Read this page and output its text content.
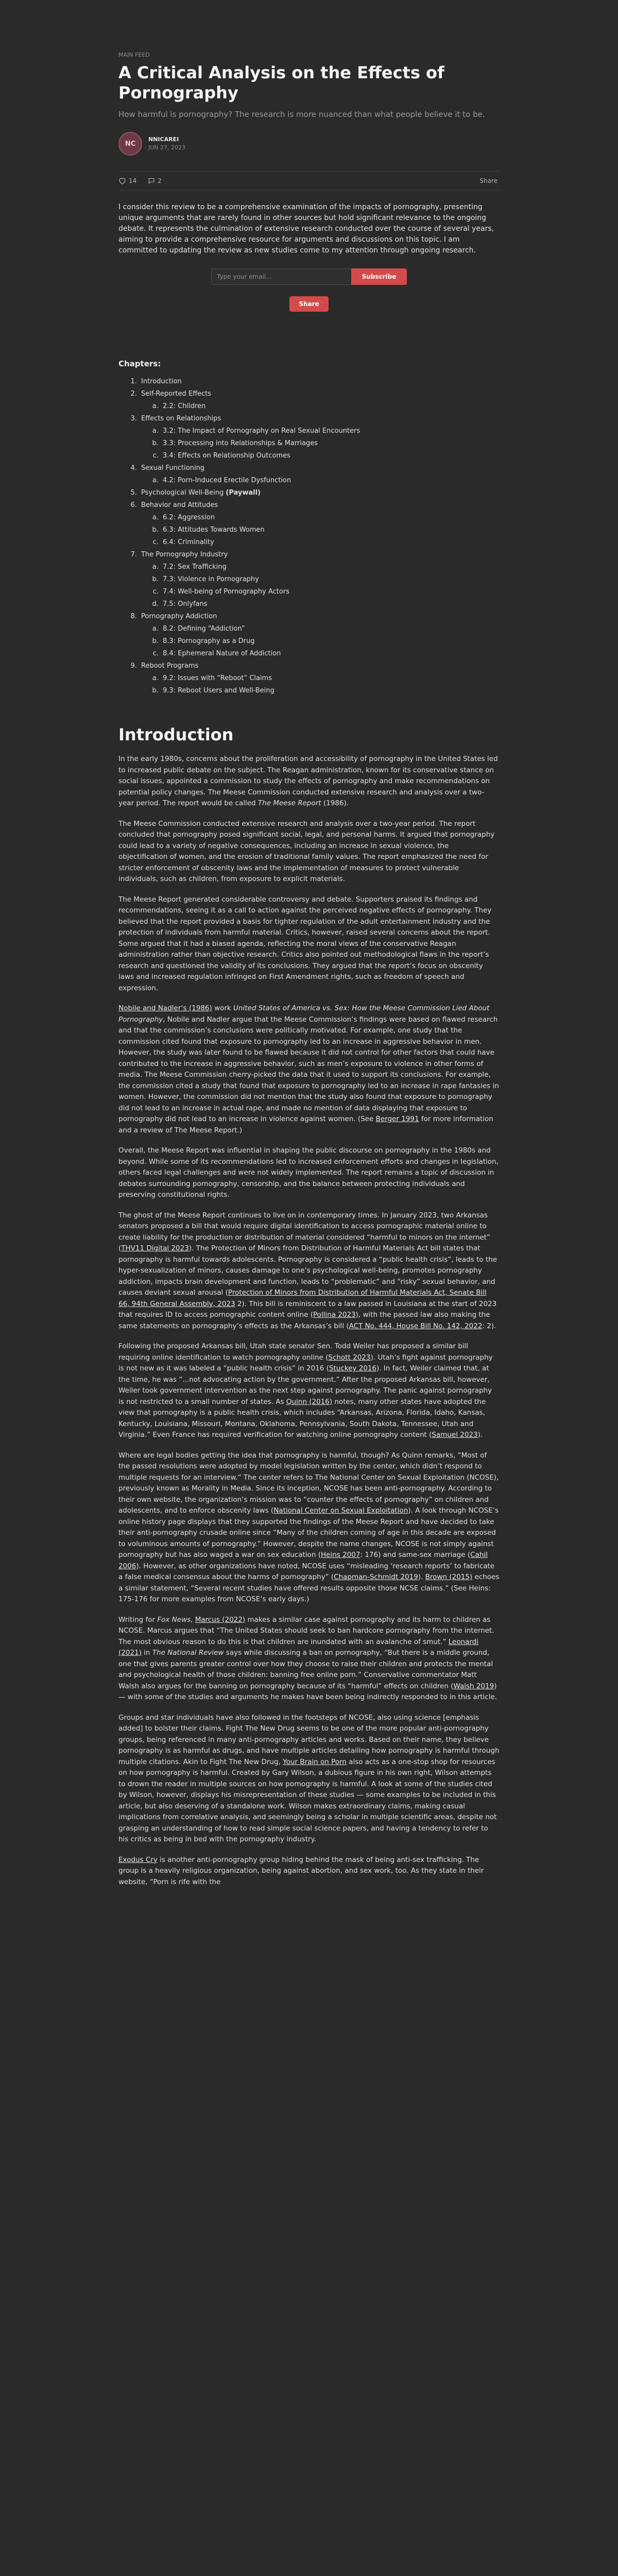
MAIN FEED
A Critical Analysis on the Effects of Pornography

How harmful is pornography? The research is more nuanced than what people believe it to be.

NC
NNICAREI
JUN 27, 2023
14	2	Share
I consider this review to be a comprehensive examination of the impacts of pornography, presenting unique arguments that are rarely found in other sources but hold significant relevance to the ongoing debate. It represents the culmination of extensive research conducted over the course of several years, aiming to provide a comprehensive resource for arguments and discussions on this topic. I am committed to updating the review as new studies come to my attention through ongoing research.
Type your email...
Subscribe
Share
Chapters:
1. Introduction
2. Self-Reported Effects
a. 2.2: Children
3. Effects on Relationships
a. 3.2: The Impact of Pornography on Real Sexual Encounters
b. 3.3: Processing into Relationships & Marriages
c. 3.4: Effects on Relationship Outcomes
4. Sexual Functioning
a. 4.2: Porn-Induced Erectile Dysfunction
5. Psychological Well-Being (Paywall)
6. Behavior and Attitudes
a. 6.2: Aggression
b. 6.3: Attitudes Towards Women
c. 6.4: Criminality
7. The Pornography Industry
a. 7.2: Sex Trafficking
b. 7.3: Violence in Pornography
c. 7.4: Well-being of Pornography Actors
d. 7.5: Onlyfans
8. Pornography Addiction
a. 8.2: Defining “Addiction”
b. 8.3: Pornography as a Drug
c. 8.4: Ephemeral Nature of Addiction
9. Reboot Programs
a. 9.2: Issues with “Reboot” Claims
b. 9.3: Reboot Users and Well-Being
Introduction

In the early 1980s, concerns about the proliferation and accessibility of pornography in the United States led to increased public debate on the subject. The Reagan administration, known for its conservative stance on social issues, appointed a commission to study the effects of pornography and make recommendations on potential policy changes. The Meese Commission conducted extensive research and analysis over a two-year period. The report would be called The Meese Report (1986).

The Meese Commission conducted extensive research and analysis over a two-year period. The report concluded that pornography posed significant social, legal, and personal harms. It argued that pornography could lead to a variety of negative consequences, including an increase in sexual violence, the objectification of women, and the erosion of traditional family values. The report emphasized the need for stricter enforcement of obscenity laws and the implementation of measures to protect vulnerable individuals, such as children, from exposure to explicit materials.

The Meese Report generated considerable controversy and debate. Supporters praised its findings and recommendations, seeing it as a call to action against the perceived negative effects of pornography. They believed that the report provided a basis for tighter regulation of the adult entertainment industry and the protection of individuals from harmful material. Critics, however, raised several concerns about the report. Some argued that it had a biased agenda, reflecting the moral views of the conservative Reagan administration rather than objective research. Critics also pointed out methodological flaws in the report’s research and questioned the validity of its conclusions. They argued that the report’s focus on obscenity laws and increased regulation infringed on First Amendment rights, such as freedom of speech and expression.

Nobile and Nadler’s (1986) work United States of America vs. Sex: How the Meese Commission Lied About Pornography, Nobile and Nadler argue that the Meese Commission’s findings were based on flawed research and that the commission’s conclusions were politically motivated. For example, one study that the commission cited found that exposure to pornography led to an increase in aggressive behavior in men. However, the study was later found to be flawed because it did not control for other factors that could have contributed to the increase in aggressive behavior, such as men’s exposure to violence in other forms of media. The Meese Commission cherry-picked the data that it used to support its conclusions. For example, the commission cited a study that found that exposure to pornography led to an increase in rape fantasies in women. However, the commission did not mention that the study also found that exposure to pornography did not lead to an increase in actual rape, and made no mention of data displaying that exposure to pornography did not lead to an increase in violence against women. (See Berger 1991 for more information and a review of The Meese Report.)

Overall, the Meese Report was influential in shaping the public discourse on pornography in the 1980s and beyond. While some of its recommendations led to increased enforcement efforts and changes in legislation, others faced legal challenges and were not widely implemented. The report remains a topic of discussion in debates surrounding pornography, censorship, and the balance between protecting individuals and preserving constitutional rights.

The ghost of the Meese Report continues to live on in contemporary times. In January 2023, two Arkansas senators proposed a bill that would require digital identification to access pornographic material online to create liability for the production or distribution of material considered “harmful to minors on the internet” (THV11 Digital 2023). The Protection of Minors from Distribution of Harmful Materials Act bill states that pornography is harmful towards adolescents. Pornography is considered a “public health crisis”, leads to the hyper-sexualization of minors, causes damage to one’s psychological well-being, promotes pornography addiction, impacts brain development and function, leads to “problematic” and “risky” sexual behavior, and causes deviant sexual arousal (Protection of Minors from Distribution of Harmful Materials Act, Senate Bill 66, 94th General Assembly, 2023 2). This bill is reminiscent to a law passed in Louisiana at the start of 2023 that requires ID to access pornographic content online (Pollina 2023), with the passed law also making the same statements on pornography’s effects as the Arkansas’s bill (ACT No. 444, House Bill No. 142, 2022: 2).

Following the proposed Arkansas bill, Utah state senator Sen. Todd Weiler has proposed a similar bill requiring online identification to watch pornography online (Schott 2023). Utah’s fight against pornography is not new as it was labeled a “public health crisis” in 2016 (Stuckey 2016). In fact, Weiler claimed that, at the time, he was “...not advocating action by the government.” After the proposed Arkansas bill, however, Weiler took government intervention as the next step against pornography. The panic against pornography is not restricted to a small number of states. As Quinn (2016) notes, many other states have adopted the view that pornography is a public health crisis, which includes “Arkansas, Arizona, Florida, Idaho, Kansas, Kentucky, Louisiana, Missouri, Montana, Oklahoma, Pennsylvania, South Dakota, Tennessee, Utah and Virginia.” Even France has required verification for watching online pornography content (Samuel 2023).

Where are legal bodies getting the idea that pornography is harmful, though? As Quinn remarks, “Most of the passed resolutions were adopted by model legislation written by the center, which didn’t respond to multiple requests for an interview.” The center refers to The National Center on Sexual Exploitation (NCOSE), previously known as Morality in Media. Since its inception, NCOSE has been anti-pornography. According to their own website, the organization’s mission was to “counter the effects of pornography” on children and adolescents, and to enforce obscenity laws (National Center on Sexual Exploitation). A look through NCOSE’s online history page displays that they supported the findings of the Meese Report and have decided to take their anti-pornography crusade online since “Many of the children coming of age in this decade are exposed to voluminous amounts of pornography.” However, despite the name changes, NCOSE is not simply against pornography but has also waged a war on sex education (Heins 2007: 176) and same-sex marriage (Cahil 2006). However, as other organizations have noted, NCOSE uses “misleading ‘research reports’ to fabricate a false medical consensus about the harms of pornography” (Chapman-Schmidt 2019). Brown (2015) echoes a similar statement, “Several recent studies have offered results opposite those NCSE claims.” (See Heins: 175-176 for more examples from NCOSE’s early days.)

Writing for Fox News, Marcus (2022) makes a similar case against pornography and its harm to children as NCOSE. Marcus argues that “The United States should seek to ban hardcore pornography from the internet. The most obvious reason to do this is that children are inundated with an avalanche of smut.” Leonardi (2021) in The National Review says while discussing a ban on pornography, “But there is a middle ground, one that gives parents greater control over how they choose to raise their children and protects the mental and psychological health of those children: banning free online porn.” Conservative commentator Matt Walsh also argues for the banning on pornography because of its “harmful” effects on children (Walsh 2019) — with some of the studies and arguments he makes have been being indirectly responded to in this article.

Groups and star individuals have also followed in the footsteps of NCOSE, also using science [emphasis added] to bolster their claims. Fight The New Drug seems to be one of the more popular anti-pornography groups, being referenced in many anti-pornography articles and works. Based on their name, they believe pornography is as harmful as drugs, and have multiple articles detailing how pornography is harmful through multiple citations. Akin to Fight The New Drug, Your Brain on Porn also acts as a one-stop shop for resources on how pornography is harmful. Created by Gary Wilson, a dubious figure in his own right, Wilson attempts to drown the reader in multiple sources on how pornography is harmful. A look at some of the studies cited by Wilson, however, displays his misrepresentation of these studies — some examples to be included in this article, but also deserving of a standalone work. Wilson makes extraordinary claims, making casual implications from correlative analysis, and seemingly being a scholar in multiple scientific areas, despite not grasping an understanding of how to read simple social science papers, and having a tendency to refer to his critics as being in bed with the pornography industry.

Exodus Cry is another anti-pornography group hiding behind the mask of being anti-sex trafficking. The group is a heavily religious organization, being against abortion, and sex work, too. As they state in their website, “Porn is rife with the
